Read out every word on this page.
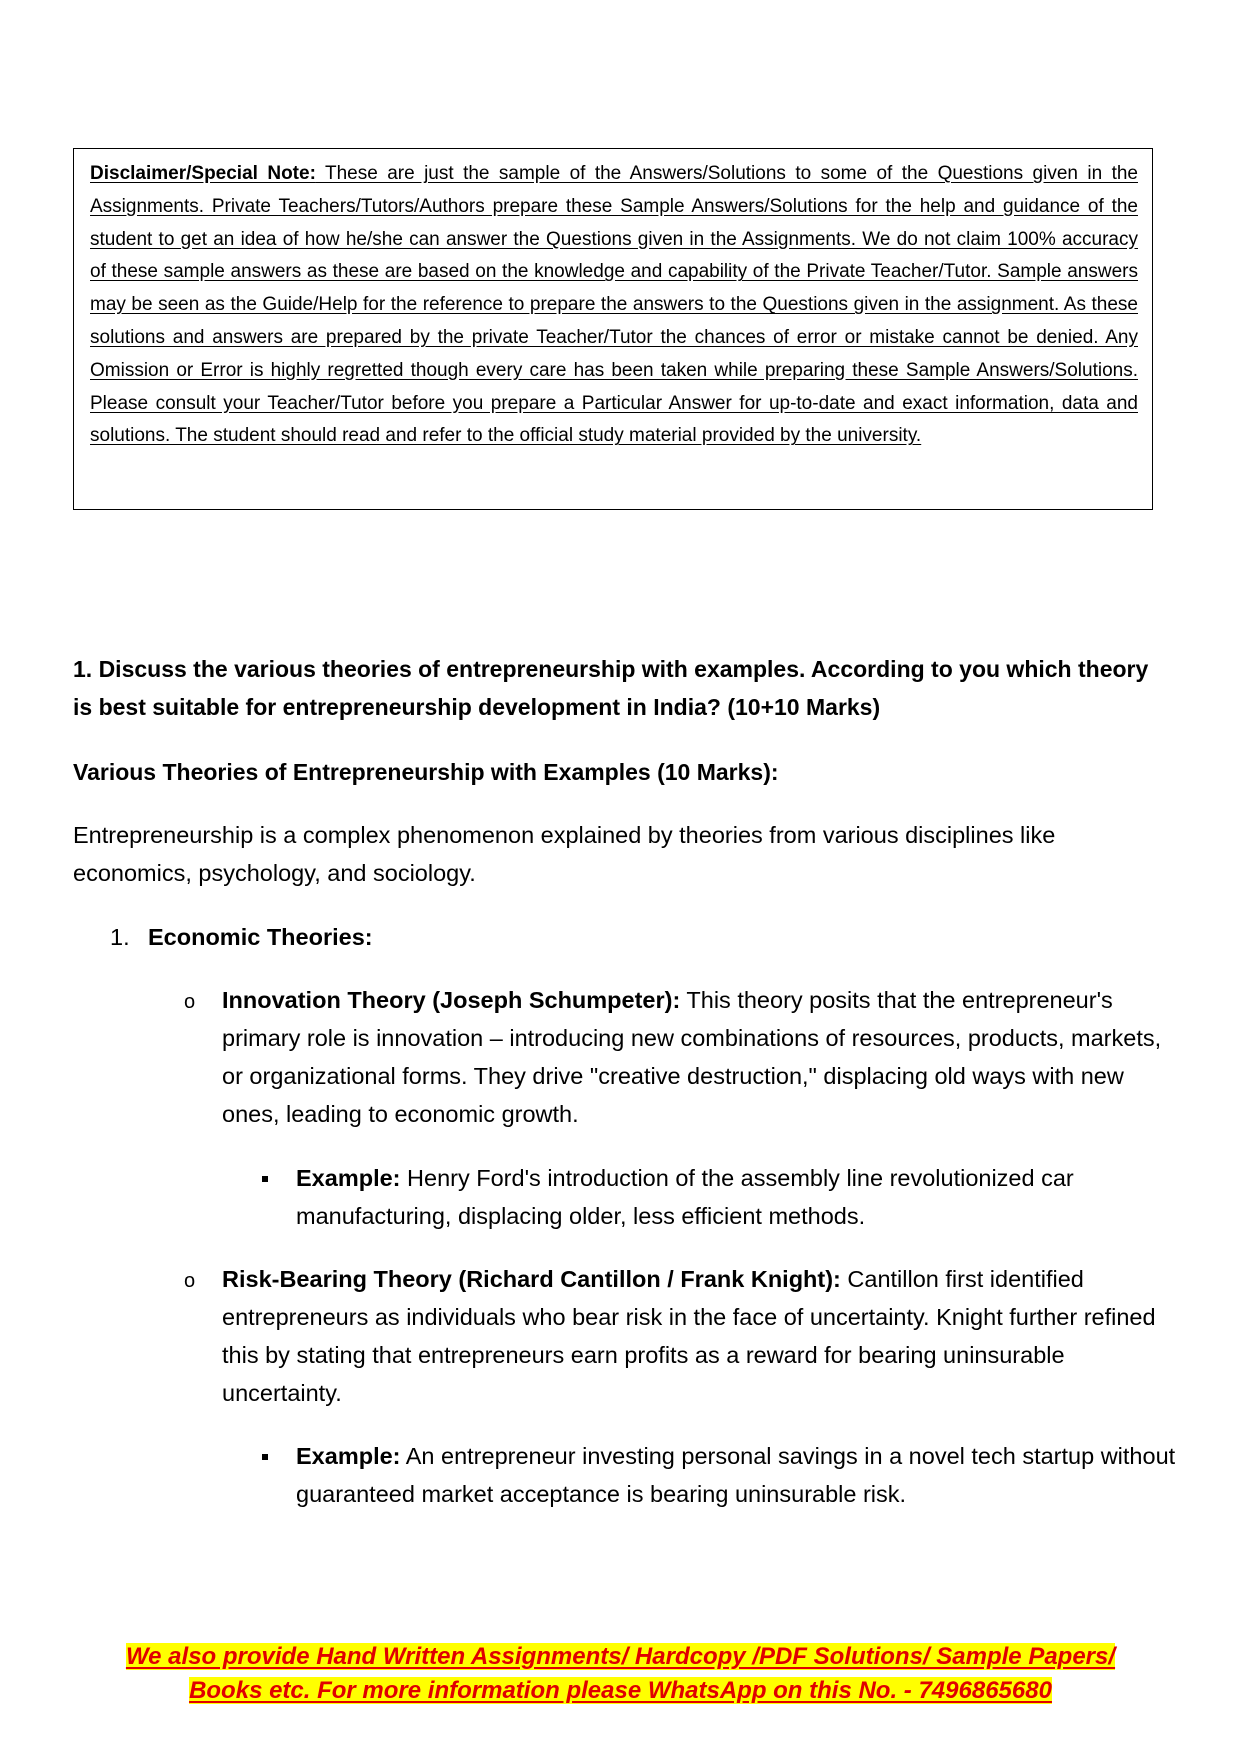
Disclaimer/Special Note: These are just the sample of the Answers/Solutions to some of the Questions given in the Assignments. Private Teachers/Tutors/Authors prepare these Sample Answers/Solutions for the help and guidance of the student to get an idea of how he/she can answer the Questions given in the Assignments. We do not claim 100% accuracy of these sample answers as these are based on the knowledge and capability of the Private Teacher/Tutor. Sample answers may be seen as the Guide/Help for the reference to prepare the answers to the Questions given in the assignment. As these solutions and answers are prepared by the private Teacher/Tutor the chances of error or mistake cannot be denied. Any Omission or Error is highly regretted though every care has been taken while preparing these Sample Answers/Solutions. Please consult your Teacher/Tutor before you prepare a Particular Answer for up-to-date and exact information, data and solutions. The student should read and refer to the official study material provided by the university.
1. Discuss the various theories of entrepreneurship with examples. According to you which theory is best suitable for entrepreneurship development in India? (10+10 Marks)
Various Theories of Entrepreneurship with Examples (10 Marks):
Entrepreneurship is a complex phenomenon explained by theories from various disciplines like economics, psychology, and sociology.
1. Economic Theories:
o Innovation Theory (Joseph Schumpeter): This theory posits that the entrepreneur's primary role is innovation – introducing new combinations of resources, products, markets, or organizational forms. They drive "creative destruction," displacing old ways with new ones, leading to economic growth.
Example: Henry Ford's introduction of the assembly line revolutionized car manufacturing, displacing older, less efficient methods.
o Risk-Bearing Theory (Richard Cantillon / Frank Knight): Cantillon first identified entrepreneurs as individuals who bear risk in the face of uncertainty. Knight further refined this by stating that entrepreneurs earn profits as a reward for bearing uninsurable uncertainty.
Example: An entrepreneur investing personal savings in a novel tech startup without guaranteed market acceptance is bearing uninsurable risk.
We also provide Hand Written Assignments/ Hardcopy /PDF Solutions/ Sample Papers/
Books etc. For more information please WhatsApp on this No. - 7496865680
